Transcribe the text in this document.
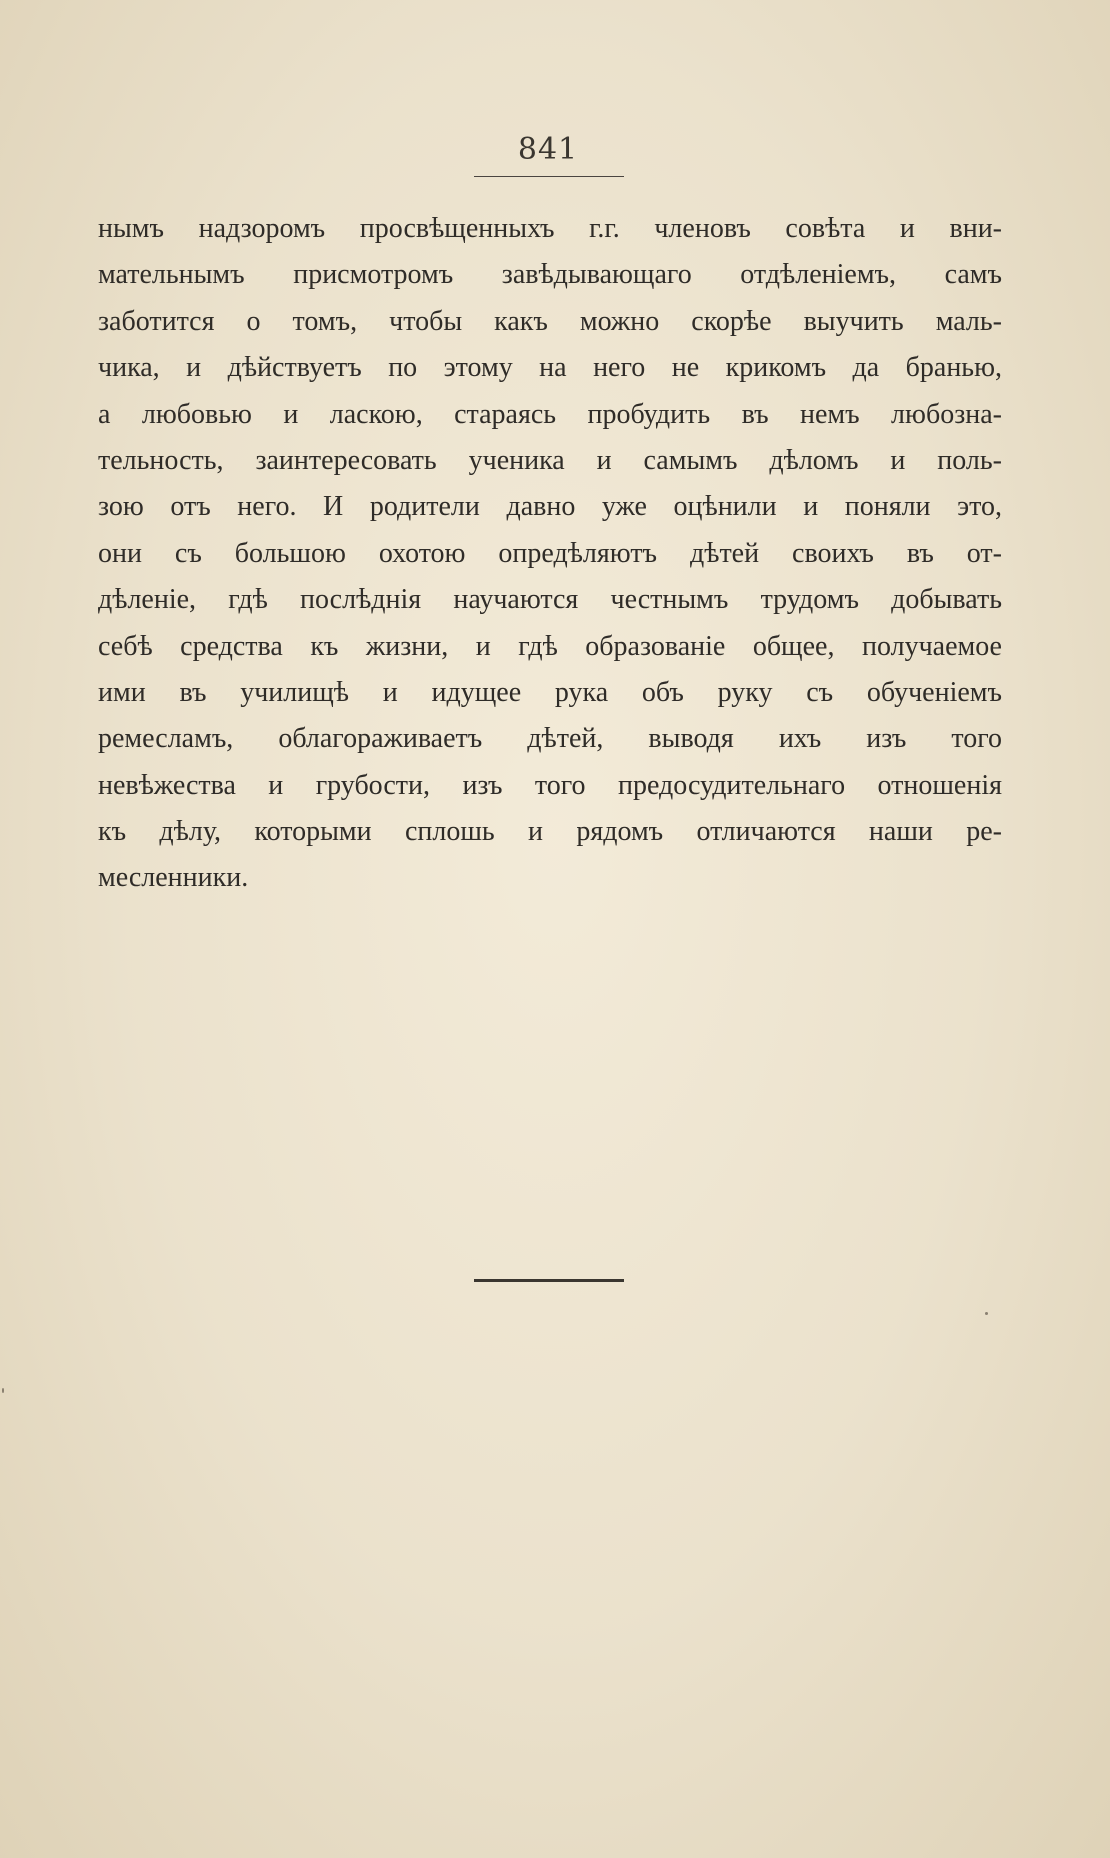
841
нымъ надзоромъ просвѣщенныхъ г.г. членовъ совѣта и вни-
мательнымъ присмотромъ завѣдывающаго отдѣленіемъ, самъ
заботится о томъ, чтобы какъ можно скорѣе выучить маль-
чика, и дѣйствуетъ по этому на него не крикомъ да бранью,
а любовью и ласкою, стараясь пробудить въ немъ любозна-
тельность, заинтересовать ученика и самымъ дѣломъ и поль-
зою отъ него. И родители давно уже оцѣнили и поняли это,
они съ большою охотою опредѣляютъ дѣтей своихъ въ от-
дѣленіе, гдѣ послѣднія научаются честнымъ трудомъ добывать
себѣ средства къ жизни, и гдѣ образованіе общее, получаемое
ими въ училищѣ и идущее рука объ руку съ обученіемъ
ремесламъ, облагораживаетъ дѣтей, выводя ихъ изъ того
невѣжества и грубости, изъ того предосудительнаго отношенія
къ дѣлу, которыми сплошь и рядомъ отличаются наши ре-
месленники.
